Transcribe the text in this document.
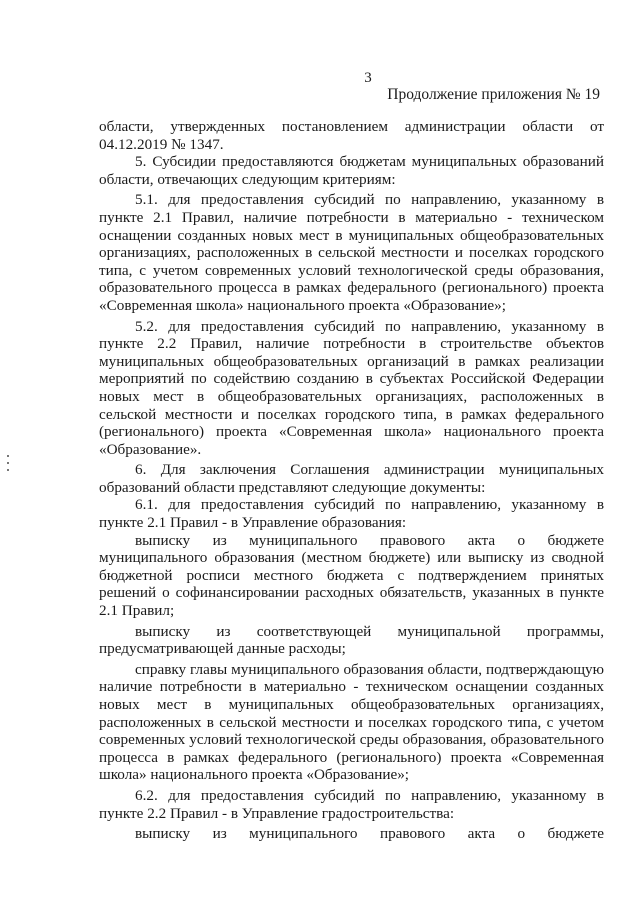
3
Продолжение приложения № 19

области, утвержденных постановлением администрации области от 04.12.2019 № 1347.

5. Субсидии предоставляются бюджетам муниципальных образований области, отвечающих следующим критериям:

5.1. для предоставления субсидий по направлению, указанному в пункте 2.1 Правил, наличие потребности в материально - техническом оснащении созданных новых мест в муниципальных общеобразовательных организациях, расположенных в сельской местности и поселках городского типа, с учетом современных условий технологической среды образования, образовательного процесса в рамках федерального (регионального) проекта «Современная школа» национального проекта «Образование»;

5.2. для предоставления субсидий по направлению, указанному в пункте 2.2 Правил, наличие потребности в строительстве объектов муниципальных общеобразовательных организаций в рамках реализации мероприятий по содействию созданию в субъектах Российской Федерации новых мест в общеобразовательных организациях, расположенных в сельской местности и поселках городского типа, в рамках федерального (регионального) проекта «Современная школа» национального проекта «Образование».

6. Для заключения Соглашения администрации муниципальных образований области представляют следующие документы:

6.1. для предоставления субсидий по направлению, указанному в пункте 2.1 Правил - в Управление образования:

выписку из муниципального правового акта о бюджете муниципального образования (местном бюджете) или выписку из сводной бюджетной росписи местного бюджета с подтверждением принятых решений о софинансировании расходных обязательств, указанных в пункте 2.1 Правил;

выписку из соответствующей муниципальной программы, предусматривающей данные расходы;

справку главы муниципального образования области, подтверждающую наличие потребности в материально - техническом оснащении созданных новых мест в муниципальных общеобразовательных организациях, расположенных в сельской местности и поселках городского типа, с учетом современных условий технологической среды образования, образовательного процесса в рамках федерального (регионального) проекта «Современная школа» национального проекта «Образование»;

6.2. для предоставления субсидий по направлению, указанному в пункте 2.2 Правил - в Управление градостроительства:

выписку из муниципального правового акта о бюджете
